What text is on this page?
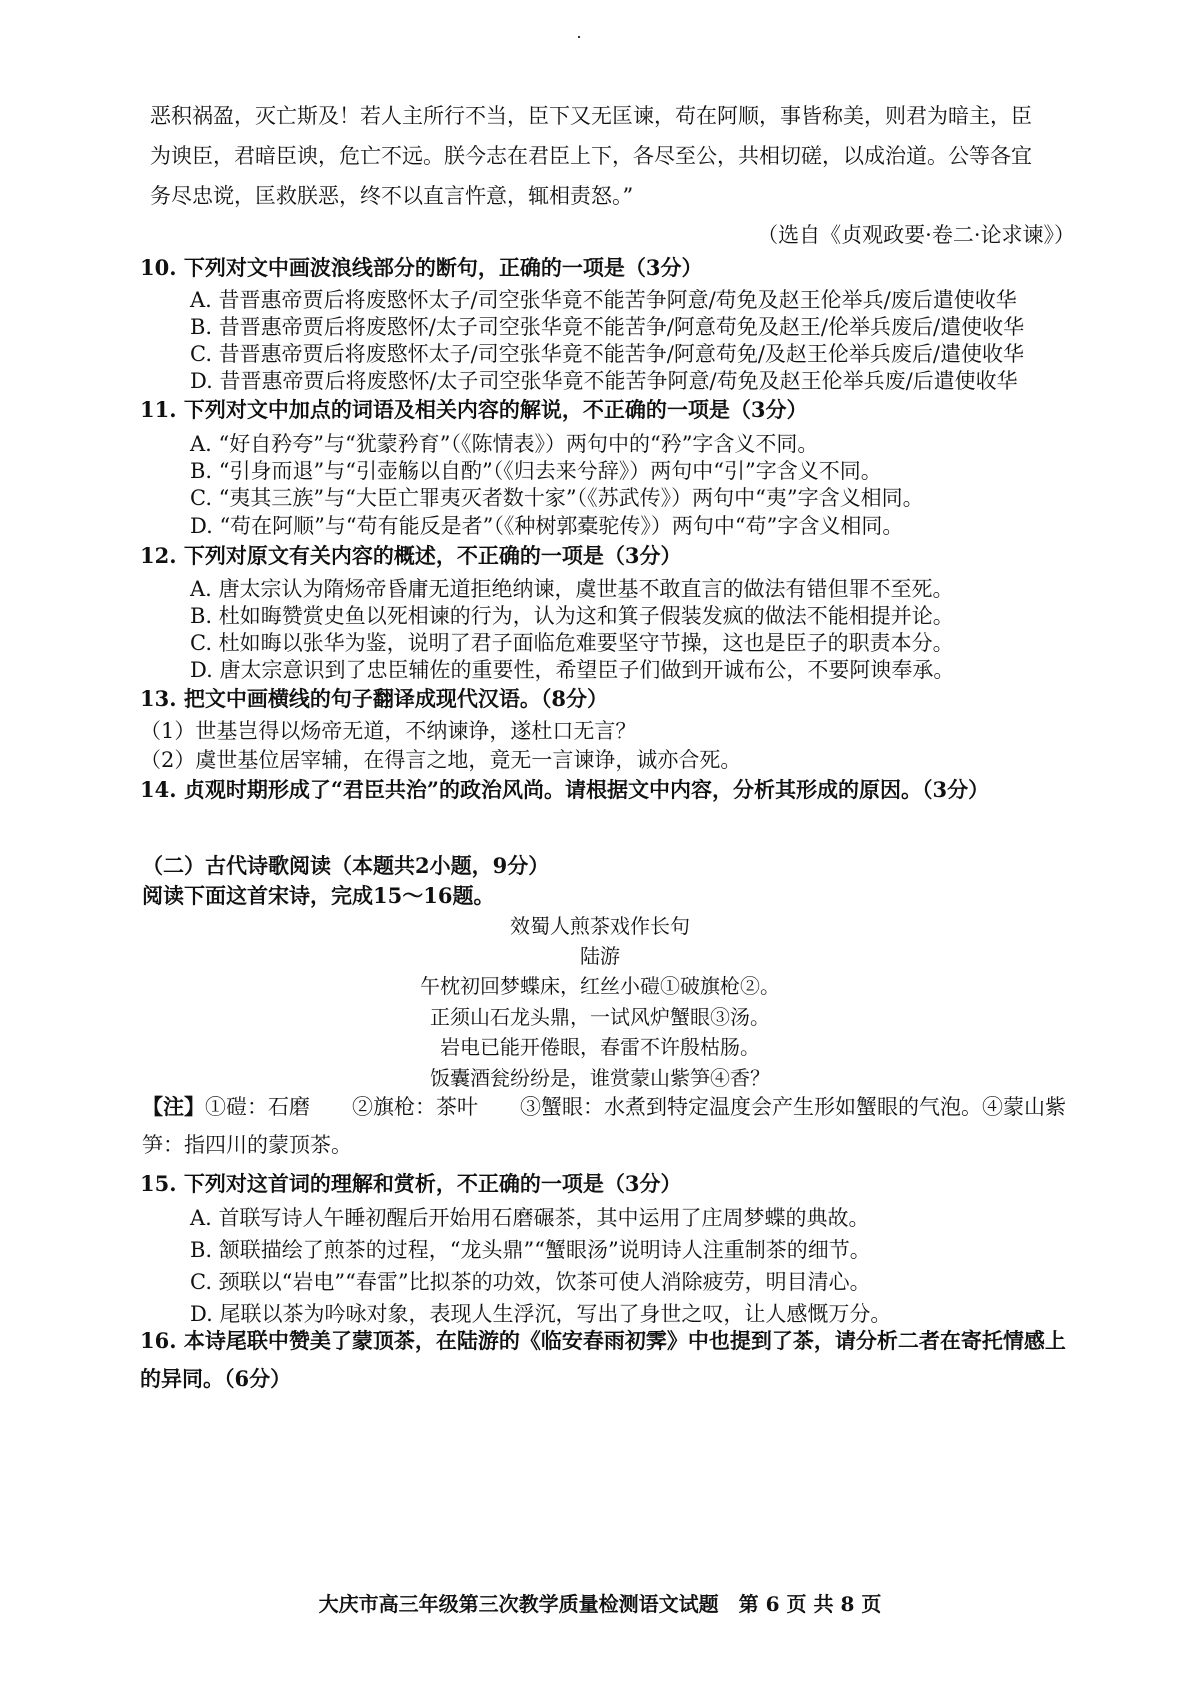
恶积祸盈，灭亡斯及！若人主所行不当，臣下又无匡谏，苟在阿顺，事皆称美，则君为暗主，臣
为谀臣，君暗臣谀，危亡不远。朕今志在君臣上下，各尽至公，共相切磋，以成治道。公等各宜
务尽忠谠，匡救朕恶，终不以直言忤意，辄相责怒。”
（选自《贞观政要·卷二·论求谏》）
10. 下列对文中画波浪线部分的断句，正确的一项是（3分）
A. 昔晋惠帝贾后将废愍怀太子/司空张华竟不能苦争阿意/苟免及赵王伦举兵/废后遣使收华
B. 昔晋惠帝贾后将废愍怀/太子司空张华竟不能苦争/阿意苟免及赵王/伦举兵废后/遣使收华
C. 昔晋惠帝贾后将废愍怀太子/司空张华竟不能苦争/阿意苟免/及赵王伦举兵废后/遣使收华
D. 昔晋惠帝贾后将废愍怀/太子司空张华竟不能苦争阿意/苟免及赵王伦举兵废/后遣使收华
11. 下列对文中加点的词语及相关内容的解说，不正确的一项是（3分）
A. “好自矜夸”与“犹蒙矜育”（《陈情表》）两句中的“矜”字含义不同。
B. “引身而退”与“引壶觞以自酌”（《归去来兮辞》）两句中“引”字含义不同。
C. “夷其三族”与“大臣亡罪夷灭者数十家”（《苏武传》）两句中“夷”字含义相同。
D. “苟在阿顺”与“苟有能反是者”（《种树郭橐驼传》）两句中“苟”字含义相同。
12. 下列对原文有关内容的概述，不正确的一项是（3分）
A. 唐太宗认为隋炀帝昏庸无道拒绝纳谏，虞世基不敢直言的做法有错但罪不至死。
B. 杜如晦赞赏史鱼以死相谏的行为，认为这和箕子假装发疯的做法不能相提并论。
C. 杜如晦以张华为鉴，说明了君子面临危难要坚守节操，这也是臣子的职责本分。
D. 唐太宗意识到了忠臣辅佐的重要性，希望臣子们做到开诚布公，不要阿谀奉承。
13. 把文中画横线的句子翻译成现代汉语。（8分）
（1）世基岂得以炀帝无道，不纳谏诤，遂杜口无言？
（2）虞世基位居宰辅，在得言之地，竟无一言谏诤，诚亦合死。
14. 贞观时期形成了“君臣共治”的政治风尚。请根据文中内容，分析其形成的原因。（3分）
（二）古代诗歌阅读（本题共2小题，9分）
阅读下面这首宋诗，完成15～16题。
效蜀人煎茶戏作长句
陆游
午枕初回梦蝶床，红丝小磑①破旗枪②。
正须山石龙头鼎，一试风炉蟹眼③汤。
岩电已能开倦眼，春雷不许殷枯肠。
饭囊酒瓮纷纷是，谁赏蒙山紫笋④香？
【注】①磑：石磨　　②旗枪：茶叶　　③蟹眼：水煮到特定温度会产生形如蟹眼的气泡。④蒙山紫笋：指四川的蒙顶茶。
15. 下列对这首词的理解和赏析，不正确的一项是（3分）
A. 首联写诗人午睡初醒后开始用石磨碾茶，其中运用了庄周梦蝶的典故。
B. 颔联描绘了煎茶的过程，“龙头鼎”“蟹眼汤”说明诗人注重制茶的细节。
C. 颈联以“岩电”“春雷”比拟茶的功效，饮茶可使人消除疲劳，明目清心。
D. 尾联以茶为吟咏对象，表现人生浮沉，写出了身世之叹，让人感慨万分。
16. 本诗尾联中赞美了蒙顶茶，在陆游的《临安春雨初霁》中也提到了茶，请分析二者在寄托情感上的异同。（6分）
大庆市高三年级第三次教学质量检测语文试题　第 6 页 共 8 页
